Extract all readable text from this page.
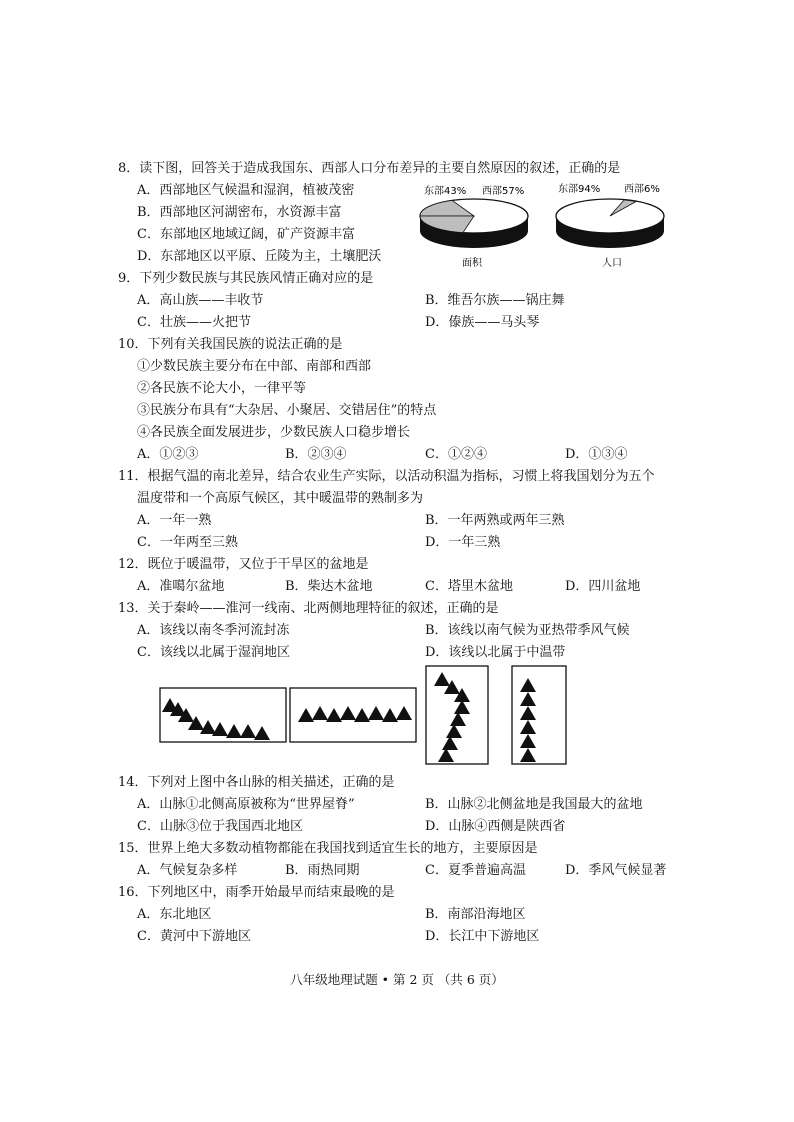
8．读下图，回答关于造成我国东、西部人口分布差异的主要自然原因的叙述，正确的是
A．西部地区气候温和湿润，植被茂密
B．西部地区河湖密布，水资源丰富
C．东部地区地域辽阔，矿产资源丰富
D．东部地区以平原、丘陵为主，土壤肥沃
东部43% 西部57%
面积
东部94% 西部6%
人口
9．下列少数民族与其民族风情正确对应的是
A．高山族——丰收节	B．维吾尔族——锅庄舞
C．壮族——火把节	D．傣族——马头琴
10．下列有关我国民族的说法正确的是
①少数民族主要分布在中部、南部和西部
②各民族不论大小，一律平等
③民族分布具有“大杂居、小聚居、交错居住”的特点
④各民族全面发展进步，少数民族人口稳步增长
A．①②③	B．②③④	C．①②④	D．①③④
11．根据气温的南北差异，结合农业生产实际，以活动积温为指标，习惯上将我国划分为五个
温度带和一个高原气候区，其中暖温带的熟制多为
A．一年一熟	B．一年两熟或两年三熟
C．一年两至三熟	D．一年三熟
12．既位于暖温带，又位于干旱区的盆地是
A．准噶尔盆地	B．柴达木盆地	C．塔里木盆地	D．四川盆地
13．关于秦岭——淮河一线南、北两侧地理特征的叙述，正确的是
A．该线以南冬季河流封冻	B．该线以南气候为亚热带季风气候
C．该线以北属于湿润地区	D．该线以北属于中温带
14．下列对上图中各山脉的相关描述，正确的是
A．山脉①北侧高原被称为“世界屋脊”	B．山脉②北侧盆地是我国最大的盆地
C．山脉③位于我国西北地区	D．山脉④西侧是陕西省
15．世界上绝大多数动植物都能在我国找到适宜生长的地方，主要原因是
A．气候复杂多样	B．雨热同期	C．夏季普遍高温	D．季风气候显著
16．下列地区中，雨季开始最早而结束最晚的是
A．东北地区	B．南部沿海地区
C．黄河中下游地区	D．长江中下游地区
八年级地理试题 • 第 2 页 （共 6 页）
